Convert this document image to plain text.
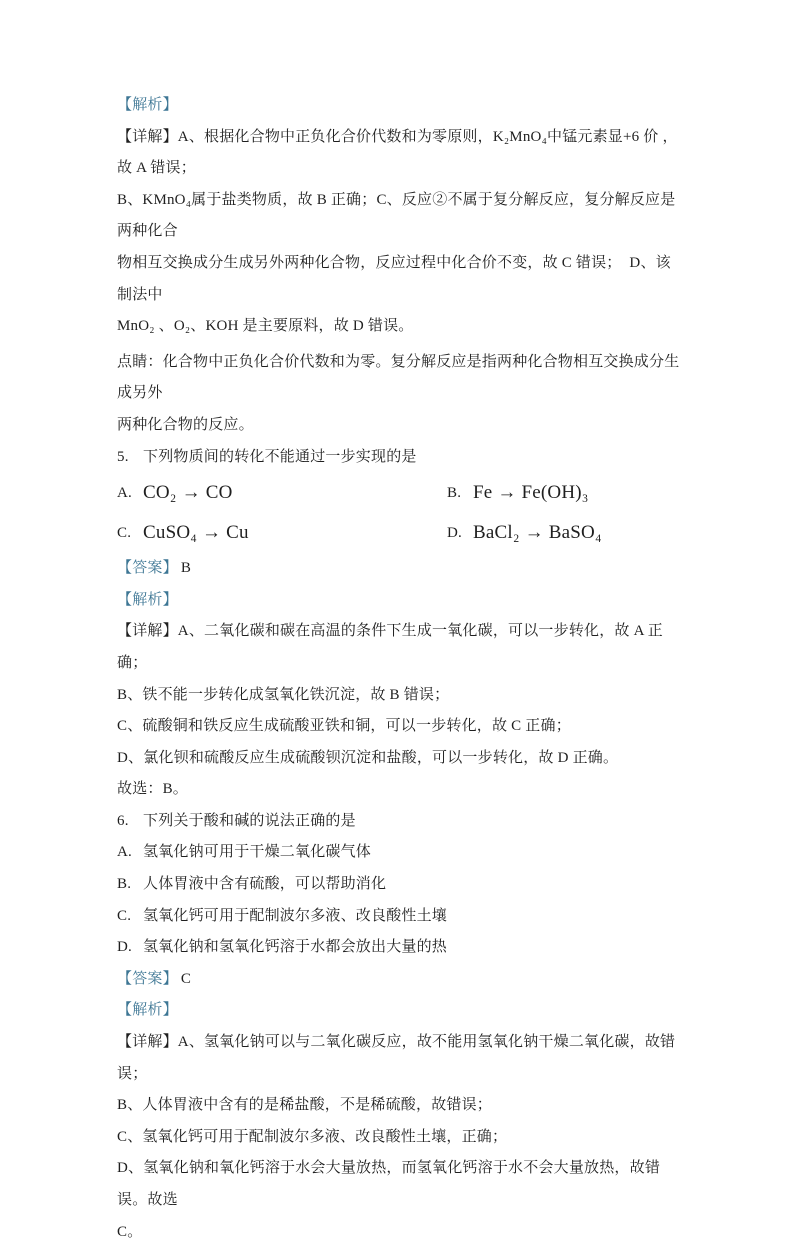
【解析】

【详解】A、根据化合物中正负化合价代数和为零原则，K₂MnO₄中锰元素显+6 价 ，故 A 错误；

B、KMnO₄属于盐类物质，故 B 正确；C、反应②不属于复分解反应，复分解反应是两种化合

物相互交换成分生成另外两种化合物，反应过程中化合价不变，故 C 错误；  D、该制法中

MnO₂ 、O₂、KOH 是主要原料，故 D 错误。

点睛：化合物中正负化合价代数和为零。复分解反应是指两种化合物相互交换成分生成另外

两种化合物的反应。

5. 下列物质间的转化不能通过一步实现的是

A. CO₂ → CO	B. Fe → Fe(OH)₃
C. CuSO₄ → Cu	D. BaCl₂ → BaSO₄

【答案】 B

【解析】

【详解】A、二氧化碳和碳在高温的条件下生成一氧化碳，可以一步转化，故 A 正确；

B、铁不能一步转化成氢氧化铁沉淀，故 B 错误；

C、硫酸铜和铁反应生成硫酸亚铁和铜，可以一步转化，故 C 正确；

D、氯化钡和硫酸反应生成硫酸钡沉淀和盐酸，可以一步转化，故 D 正确。

故选：B。

6. 下列关于酸和碱的说法正确的是

A. 氢氧化钠可用于干燥二氧化碳气体

B. 人体胃液中含有硫酸，可以帮助消化

C. 氢氧化钙可用于配制波尔多液、改良酸性土壤

D. 氢氧化钠和氢氧化钙溶于水都会放出大量的热

【答案】 C

【解析】

【详解】A、氢氧化钠可以与二氧化碳反应，故不能用氢氧化钠干燥二氧化碳，故错误；

B、人体胃液中含有的是稀盐酸，不是稀硫酸，故错误；

C、氢氧化钙可用于配制波尔多液、改良酸性土壤，正确；

D、氢氧化钠和氧化钙溶于水会大量放热，而氢氧化钙溶于水不会大量放热，故错误。故选

C。
